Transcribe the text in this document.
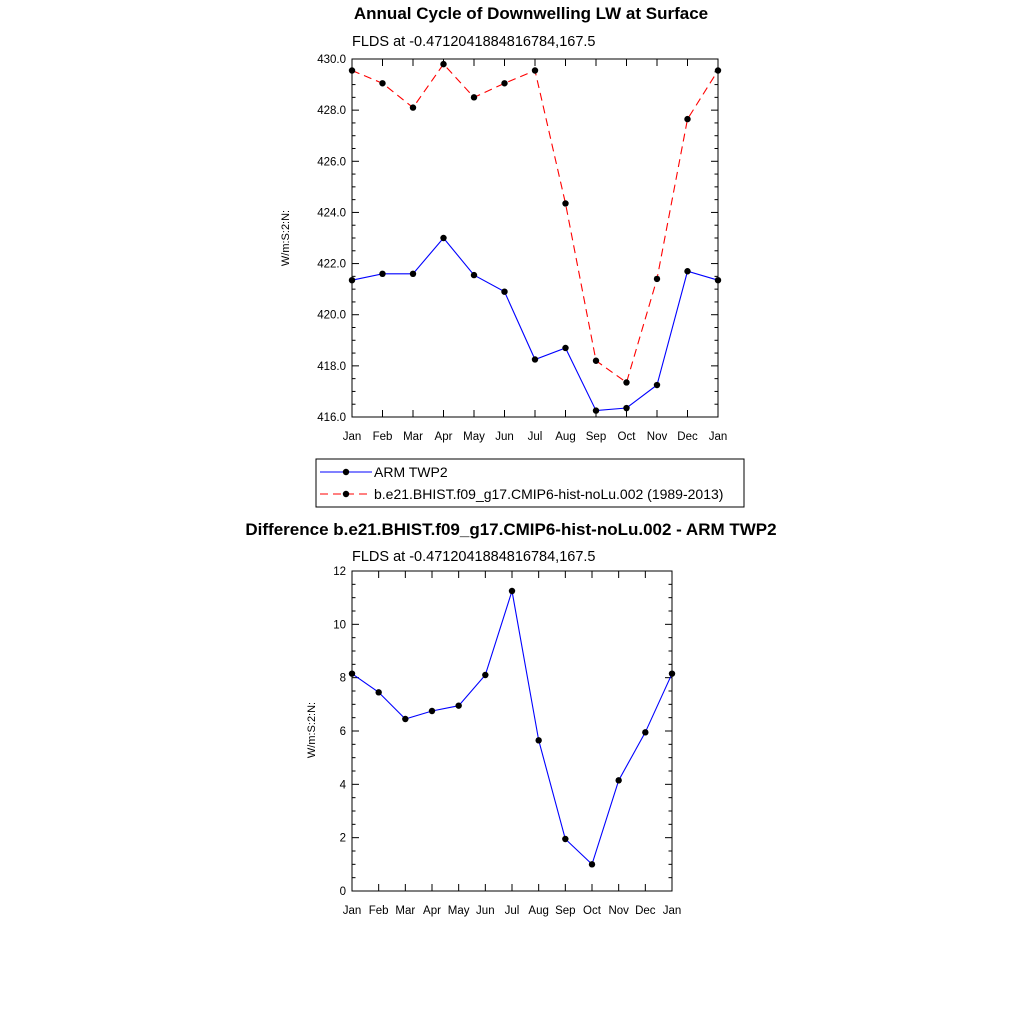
Annual Cycle of Downwelling LW at Surface
FLDS at -0.4712041884816784,167.5
W/m:S:2:N:
416.0
418.0
420.0
422.0
424.0
426.0
428.0
430.0
Jan Feb Mar Apr May Jun Jul Aug Sep Oct Nov Dec Jan
ARM TWP2
b.e21.BHIST.f09_g17.CMIP6-hist-noLu.002 (1989-2013)
Difference b.e21.BHIST.f09_g17.CMIP6-hist-noLu.002 - ARM TWP2
FLDS at -0.4712041884816784,167.5
W/m:S:2:N:
0
2
4
6
8
10
12
Jan Feb Mar Apr May Jun Jul Aug Sep Oct Nov Dec Jan
